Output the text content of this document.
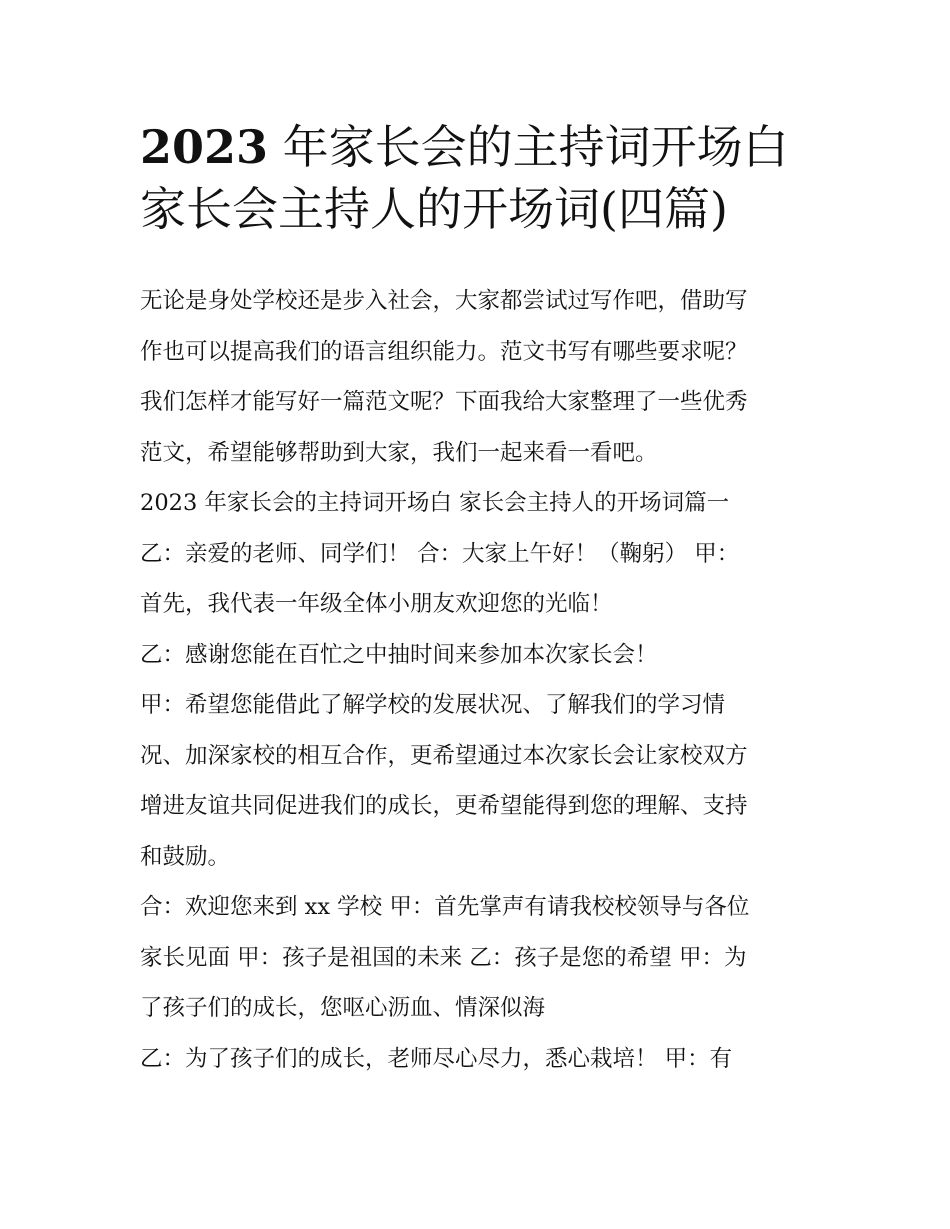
2023 年家长会的主持词开场白
家长会主持人的开场词(四篇)
无论是身处学校还是步入社会，大家都尝试过写作吧，借助写
作也可以提高我们的语言组织能力。范文书写有哪些要求呢？
我们怎样才能写好一篇范文呢？下面我给大家整理了一些优秀
范文，希望能够帮助到大家，我们一起来看一看吧。
2023 年家长会的主持词开场白 家长会主持人的开场词篇一
乙：亲爱的老师、同学们！ 合：大家上午好！（鞠躬） 甲：
首先，我代表一年级全体小朋友欢迎您的光临！
乙：感谢您能在百忙之中抽时间来参加本次家长会！
甲：希望您能借此了解学校的发展状况、了解我们的学习情
况、加深家校的相互合作，更希望通过本次家长会让家校双方
增进友谊共同促进我们的成长，更希望能得到您的理解、支持
和鼓励。
合：欢迎您来到 xx 学校 甲：首先掌声有请我校校领导与各位
家长见面 甲：孩子是祖国的未来 乙：孩子是您的希望 甲：为
了孩子们的成长，您呕心沥血、情深似海
乙：为了孩子们的成长，老师尽心尽力，悉心栽培！ 甲：有
